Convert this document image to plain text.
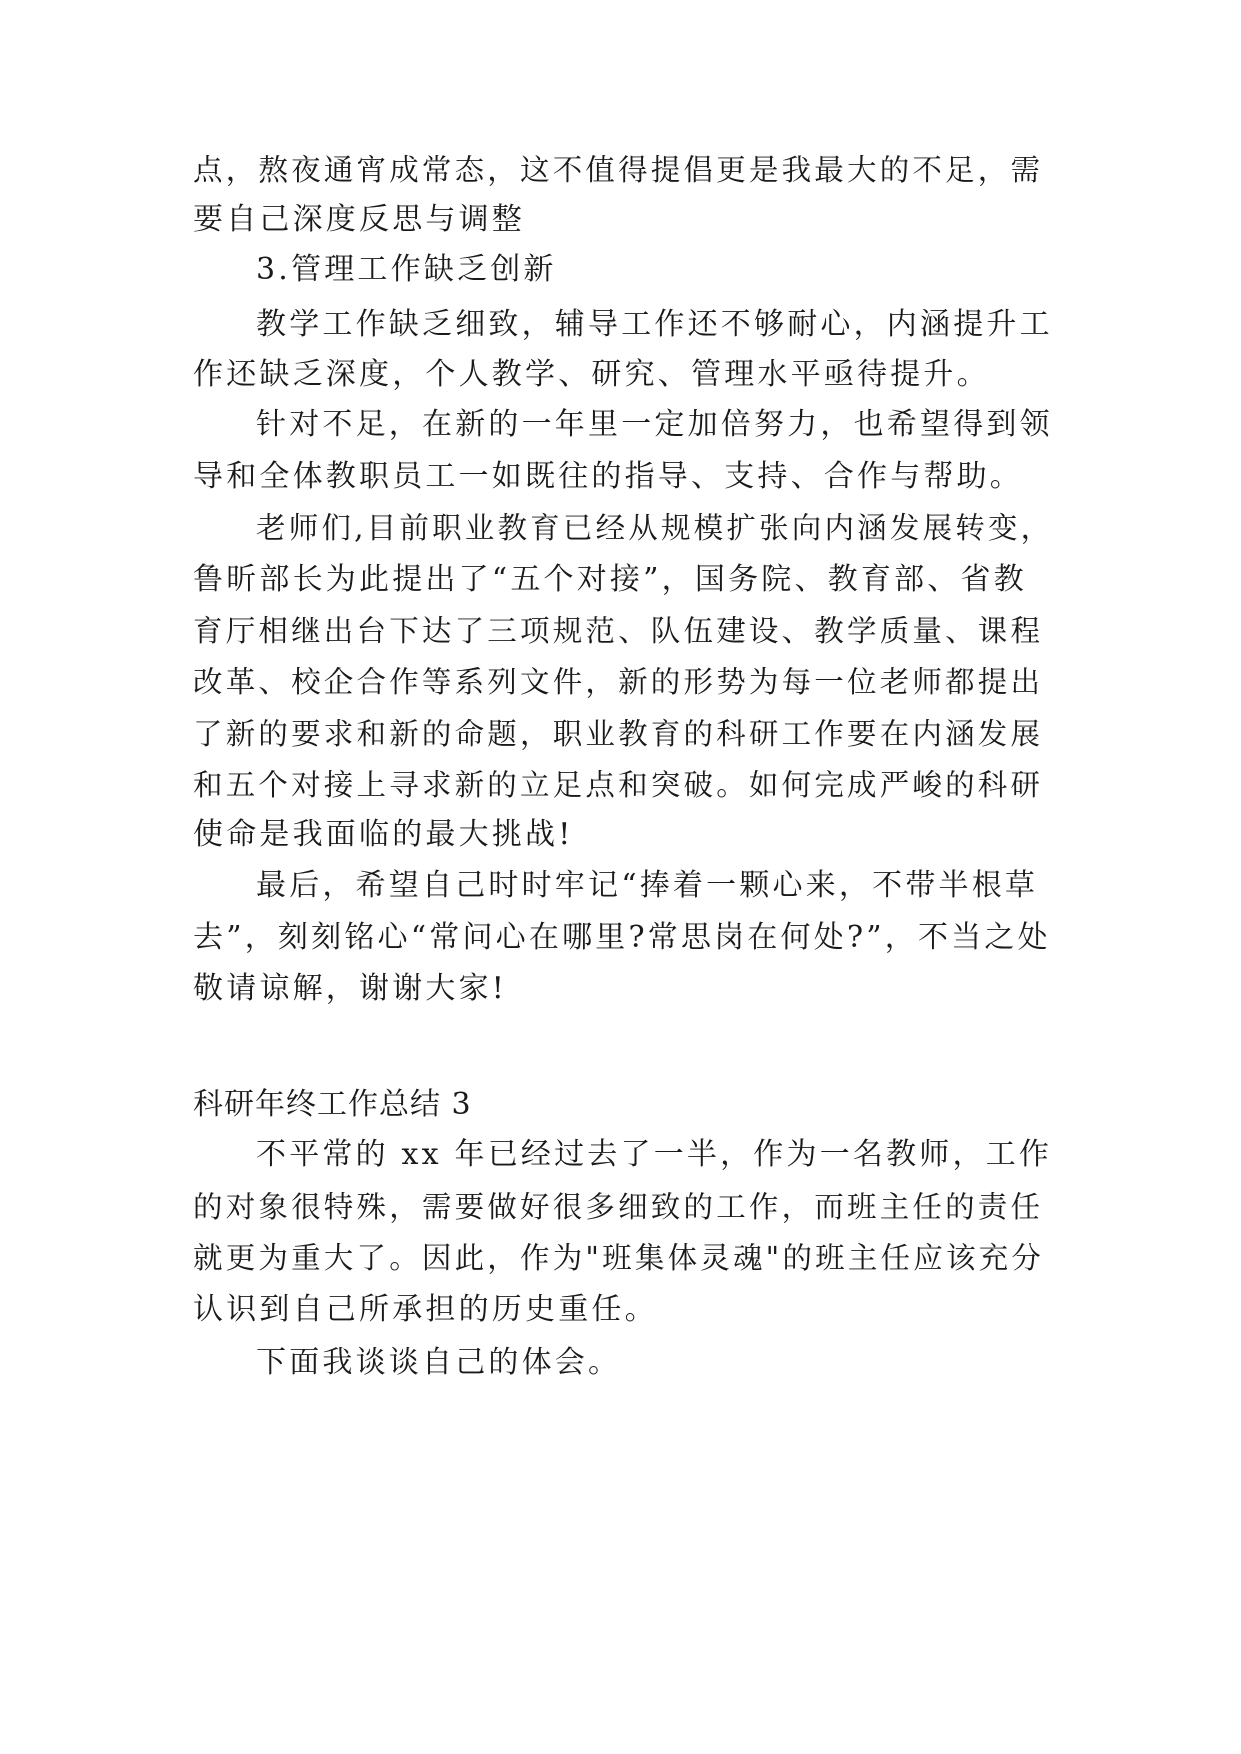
点，熬夜通宵成常态，这不值得提倡更是我最大的不足，需
要自己深度反思与调整
3.管理工作缺乏创新
教学工作缺乏细致，辅导工作还不够耐心，内涵提升工
作还缺乏深度，个人教学、研究、管理水平亟待提升。
针对不足，在新的一年里一定加倍努力，也希望得到领
导和全体教职员工一如既往的指导、支持、合作与帮助。
老师们,目前职业教育已经从规模扩张向内涵发展转变，
鲁昕部长为此提出了“五个对接”，国务院、教育部、省教
育厅相继出台下达了三项规范、队伍建设、教学质量、课程
改革、校企合作等系列文件，新的形势为每一位老师都提出
了新的要求和新的命题，职业教育的科研工作要在内涵发展
和五个对接上寻求新的立足点和突破。如何完成严峻的科研
使命是我面临的最大挑战!
最后，希望自己时时牢记“捧着一颗心来，不带半根草
去”，刻刻铭心“常问心在哪里?常思岗在何处?”，不当之处
敬请谅解，谢谢大家!
科研年终工作总结 3
不平常的 xx 年已经过去了一半，作为一名教师，工作
的对象很特殊，需要做好很多细致的工作，而班主任的责任
就更为重大了。因此，作为"班集体灵魂"的班主任应该充分
认识到自己所承担的历史重任。
下面我谈谈自己的体会。
